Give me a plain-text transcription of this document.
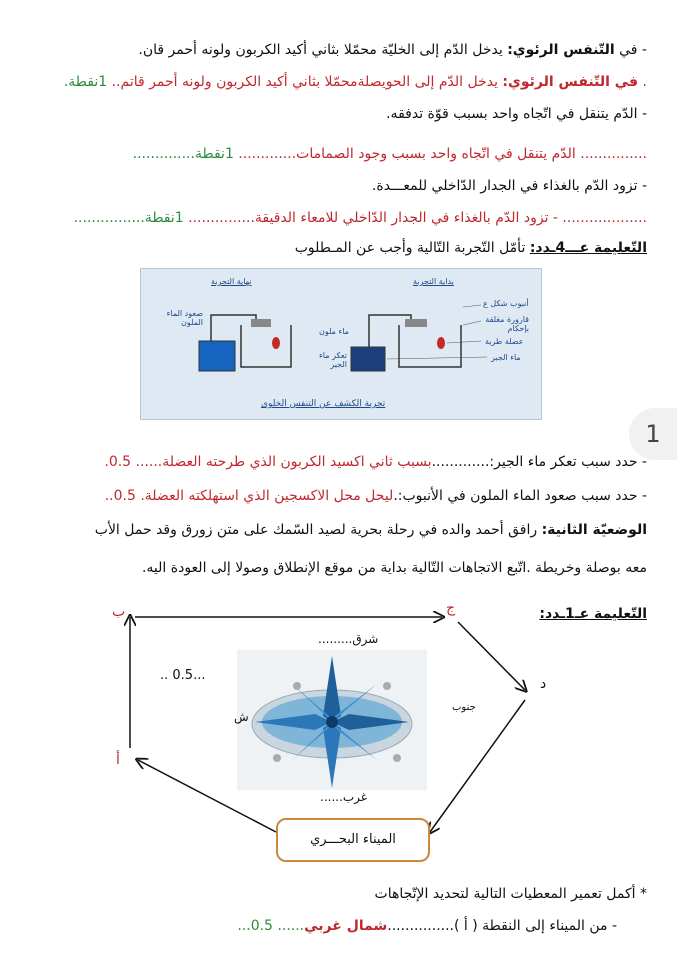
- في التّنفس الرئوي: يدخل الدّم إلى الخليّة محمّلا بثاني أكيد الكربون ولونه أحمر قان.
. في التّنفس الرئوي: يدخل الدّم إلى الحويصلةمحمّلا بثاني أكيد الكربون ولونه أحمر قاتم.. 1نقطة.
- الدّم يتنقل في اتّجاه واحد بسبب قوّة تدفقه.
............... الدّم يتنقل في اتّجاه واحد بسبب وجود الصمامات............. 1نقطة..............
- تزود الدّم بالغذاء في الجدار الدّاخلي للمعـــدة.
................... - تزود الدّم بالغذاء في الجدار الدّاخلي للامعاء الدقيقة............... 1نقطة................
التّعليمة عـــ4ـدد: تأمّل التّجربة التّالية وأجب عن المـطلوب
نهاية التجربة	بداية التجربة
صعود الماء الملون
ماء ملون
تعكر ماء الجير
أنبوب شكل ع
قارورة مغلقة بإحكام
عضلة طرية
ماء الجير
تجربة الكشف عن التنفس الخلوي
1
- حدد سبب تعكر ماء الجير:.............بسبب ثاني اكسيد الكربون الذي طرحته العضلة...... 0.5.
- حدد سبب صعود الماء الملون في الأنبوب:.ليحل محل الاكسجين الذي استهلكته العضلة. 0.5..
الوضعيّة الثانية: رافق أحمد والده في رحلة بحرية لصيد السّمك على متن زورق وقد حمل الأب
معه بوصلة وخريطة .اتّبع الاتجاهات التّالية بداية من موقع الإنطلاق وصولا إلى العودة اليه.
التّعليمة عـ1ـدد:
ب	ج
د
أ
شرق.........
جنوب
ش
غرب......
...0.5 ..
الميناء البحـــري
* أكمل تعمير المعطيات التالية لتحديد الإتّجاهات
- من الميناء إلى النقطة ( أ )...............شمال غربي...... 0.5...
